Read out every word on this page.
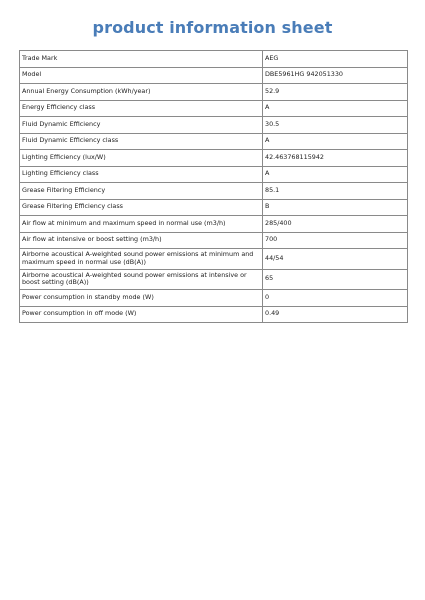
product information sheet
Trade Mark	AEG
Model	DBE5961HG 942051330
Annual Energy Consumption (kWh/year)	52.9
Energy Efficiency class	A
Fluid Dynamic Efficiency	30.5
Fluid Dynamic Efficiency class	A
Lighting Efficiency (lux/W)	42.463768115942
Lighting Efficiency class	A
Grease Filtering Efficiency	85.1
Grease Filtering Efficiency class	B
Air flow at minimum and maximum speed in normal use (m3/h)	285/400
Air flow at intensive or boost setting (m3/h)	700
Airborne acoustical A-weighted sound power emissions at minimum and maximum speed in normal use (dB(A))	44/54
Airborne acoustical A-weighted sound power emissions at intensive or boost setting (dB(A))	65
Power consumption in standby mode (W)	0
Power consumption in off mode (W)	0.49
